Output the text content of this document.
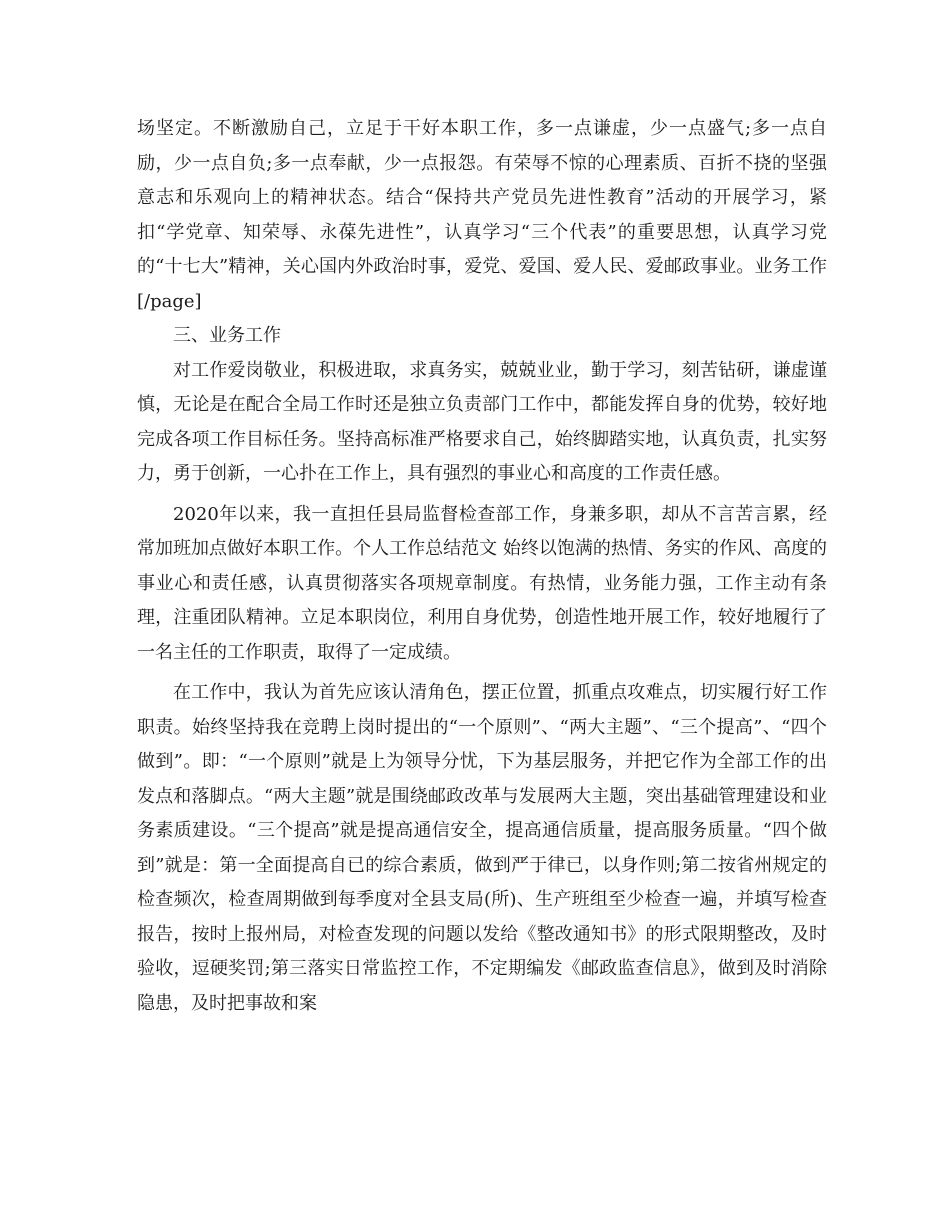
场坚定。不断激励自己，立足于干好本职工作，多一点谦虚，少一点盛气;多一点自励，少一点自负;多一点奉献，少一点报怨。有荣辱不惊的心理素质、百折不挠的坚强意志和乐观向上的精神状态。结合“保持共产党员先进性教育”活动的开展学习，紧扣“学党章、知荣辱、永葆先进性”，认真学习“三个代表”的重要思想，认真学习党的“十七大”精神，关心国内外政治时事，爱党、爱国、爱人民、爱邮政事业。业务工作[/page]

三、业务工作

对工作爱岗敬业，积极进取，求真务实，兢兢业业，勤于学习，刻苦钻研，谦虚谨慎，无论是在配合全局工作时还是独立负责部门工作中，都能发挥自身的优势，较好地完成各项工作目标任务。坚持高标准严格要求自己，始终脚踏实地，认真负责，扎实努力，勇于创新，一心扑在工作上，具有强烈的事业心和高度的工作责任感。

2020年以来，我一直担任县局监督检查部工作，身兼多职，却从不言苦言累，经常加班加点做好本职工作。个人工作总结范文 始终以饱满的热情、务实的作风、高度的事业心和责任感，认真贯彻落实各项规章制度。有热情，业务能力强，工作主动有条理，注重团队精神。立足本职岗位，利用自身优势，创造性地开展工作，较好地履行了一名主任的工作职责，取得了一定成绩。

在工作中，我认为首先应该认清角色，摆正位置，抓重点攻难点，切实履行好工作职责。始终坚持我在竞聘上岗时提出的“一个原则”、“两大主题”、“三个提高”、“四个做到”。即：“一个原则”就是上为领导分忧，下为基层服务，并把它作为全部工作的出发点和落脚点。“两大主题”就是围绕邮政改革与发展两大主题，突出基础管理建设和业务素质建设。“三个提高”就是提高通信安全，提高通信质量，提高服务质量。“四个做到”就是：第一全面提高自已的综合素质，做到严于律已，以身作则;第二按省州规定的检查频次，检查周期做到每季度对全县支局(所)、生产班组至少检查一遍，并填写检查报告，按时上报州局，对检查发现的问题以发给《整改通知书》的形式限期整改，及时验收，逗硬奖罚;第三落实日常监控工作，不定期编发《邮政监查信息》，做到及时消除隐患，及时把事故和案
